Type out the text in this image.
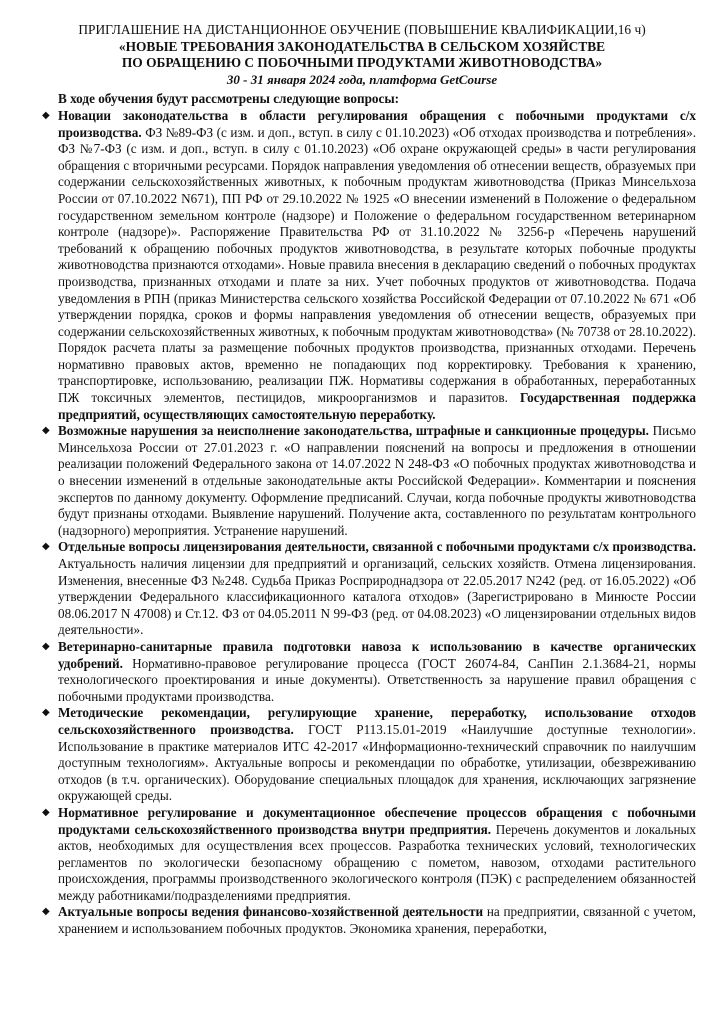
ПРИГЛАШЕНИЕ НА ДИСТАНЦИОННОЕ ОБУЧЕНИЕ (ПОВЫШЕНИЕ КВАЛИФИКАЦИИ,16 ч)

«НОВЫЕ ТРЕБОВАНИЯ ЗАКОНОДАТЕЛЬСТВА В СЕЛЬСКОМ ХОЗЯЙСТВЕ

ПО ОБРАЩЕНИЮ С ПОБОЧНЫМИ ПРОДУКТАМИ ЖИВОТНОВОДСТВА»

30 - 31 января 2024 года, платформа GetCourse

В ходе обучения будут рассмотрены следующие вопросы:

◆ Новации законодательства в области регулирования обращения с побочными продуктами с/х производства. ФЗ №89-ФЗ (с изм. и доп., вступ. в силу с 01.10.2023) «Об отходах производства и потребления». ФЗ №7-ФЗ (с изм. и доп., вступ. в силу с 01.10.2023) «Об охране окружающей среды» в части регулирования обращения с вторичными ресурсами. Порядок направления уведомления об отнесении веществ, образуемых при содержании сельскохозяйственных животных, к побочным продуктам животноводства (Приказ Минсельхоза России от 07.10.2022 N671), ПП РФ от 29.10.2022 № 1925 «О внесении изменений в Положение о федеральном государственном земельном контроле (надзоре) и Положение о федеральном государственном ветеринарном контроле (надзоре)». Распоряжение Правительства РФ от 31.10.2022 № 3256-р «Перечень нарушений требований к обращению побочных продуктов животноводства, в результате которых побочные продукты животноводства признаются отходами». Новые правила внесения в декларацию сведений о побочных продуктах производства, признанных отходами и плате за них. Учет побочных продуктов от животноводства. Подача уведомления в РПН (приказ Министерства сельского хозяйства Российской Федерации от 07.10.2022 № 671 «Об утверждении порядка, сроков и формы направления уведомления об отнесении веществ, образуемых при содержании сельскохозяйственных животных, к побочным продуктам животноводства» (№ 70738 от 28.10.2022). Порядок расчета платы за размещение побочных продуктов производства, признанных отходами. Перечень нормативно правовых актов, временно не попадающих под корректировку. Требования к хранению, транспортировке, использованию, реализации ПЖ. Нормативы содержания в обработанных, переработанных ПЖ токсичных элементов, пестицидов, микроорганизмов и паразитов. Государственная поддержка предприятий, осуществляющих самостоятельную переработку.
◆ Возможные нарушения за неисполнение законодательства, штрафные и санкционные процедуры. Письмо Минсельхоза России от 27.01.2023 г. «О направлении пояснений на вопросы и предложения в отношении реализации положений Федерального закона от 14.07.2022 N 248-ФЗ «О побочных продуктах животноводства и о внесении изменений в отдельные законодательные акты Российской Федерации». Комментарии и пояснения экспертов по данному документу. Оформление предписаний. Случаи, когда побочные продукты животноводства будут признаны отходами. Выявление нарушений. Получение акта, составленного по результатам контрольного (надзорного) мероприятия. Устранение нарушений.
◆ Отдельные вопросы лицензирования деятельности, связанной с побочными продуктами с/х производства. Актуальность наличия лицензии для предприятий и организаций, сельских хозяйств. Отмена лицензирования. Изменения, внесенные ФЗ №248. Судьба Приказ Росприроднадзора от 22.05.2017 N242 (ред. от 16.05.2022) «Об утверждении Федерального классификационного каталога отходов» (Зарегистрировано в Минюсте России 08.06.2017 N 47008) и Ст.12. ФЗ от 04.05.2011 N 99-ФЗ (ред. от 04.08.2023) «О лицензировании отдельных видов деятельности».
◆ Ветеринарно-санитарные правила подготовки навоза к использованию в качестве органических удобрений. Нормативно-правовое регулирование процесса (ГОСТ 26074-84, СанПин 2.1.3684-21, нормы технологического проектирования и иные документы). Ответственность за нарушение правил обращения с побочными продуктами производства.
◆ Методические рекомендации, регулирующие хранение, переработку, использование отходов сельскохозяйственного производства. ГОСТ Р113.15.01-2019 «Наилучшие доступные технологии». Использование в практике материалов ИТС 42-2017 «Информационно-технический справочник по наилучшим доступным технологиям». Актуальные вопросы и рекомендации по обработке, утилизации, обезвреживанию отходов (в т.ч. органических). Оборудование специальных площадок для хранения, исключающих загрязнение окружающей среды.
◆ Нормативное регулирование и документационное обеспечение процессов обращения с побочными продуктами сельскохозяйственного производства внутри предприятия. Перечень документов и локальных актов, необходимых для осуществления всех процессов. Разработка технических условий, технологических регламентов по экологически безопасному обращению с пометом, навозом, отходами растительного происхождения, программы производственного экологического контроля (ПЭК) с распределением обязанностей между работниками/подразделениями предприятия.
◆ Актуальные вопросы ведения финансово-хозяйственной деятельности на предприятии, связанной с учетом, хранением и использованием побочных продуктов. Экономика хранения, переработки,
